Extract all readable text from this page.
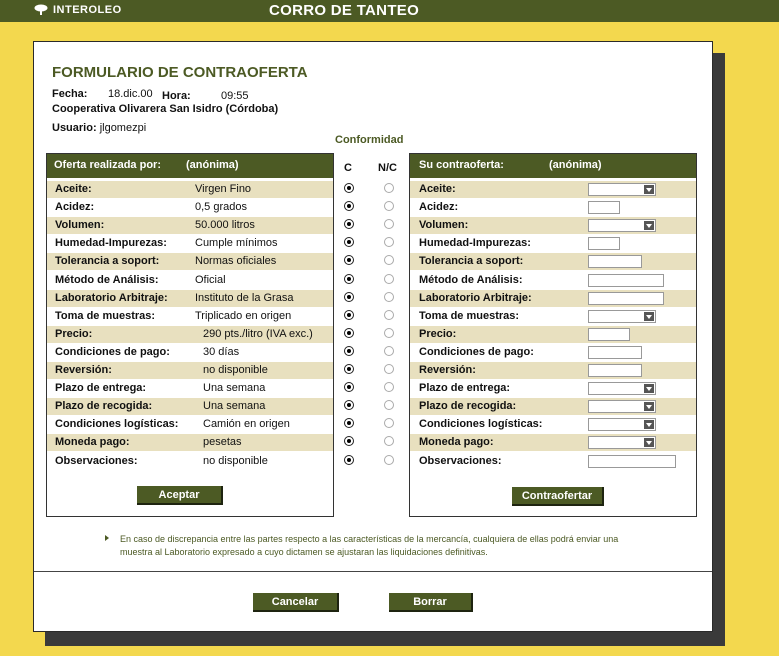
INTEROLEO	CORRO DE TANTEO
FORMULARIO DE CONTRAOFERTA
Fecha: 18.dic.00 Hora:	09:55
Cooperativa Olivarera San Isidro (Córdoba)
Usuario: jlgomezpi
Conformidad
C N/C
Oferta realizada por: (anónima)
Aceptar
Aceite:	Virgen Fino
Acidez:	0,5 grados
Volumen:	50.000 litros
Humedad-Impurezas:	Cumple mínimos
Tolerancia a soport:	Normas oficiales
Método de Análisis:	Oficial
Laboratorio Arbitraje: Instituto de la Grasa
Toma de muestras:	Triplicado en origen
Precio:	290 pts./litro (IVA exc.)
Condiciones de pago:	30 días
Reversión:	no disponible
Plazo de entrega:	Una semana
Plazo de recogida:	Una semana
Condiciones logísticas: Camión en origen
Moneda pago:	pesetas
Observaciones:	no disponible
Su contraoferta:	(anónima)
Contraofertar
Aceite:
Acidez:
Volumen:
Humedad-Impurezas:
Tolerancia a soport:
Método de Análisis:
Laboratorio Arbitraje:
Toma de muestras:
Precio:
Condiciones de pago:
Reversión:
Plazo de entrega:
Plazo de recogida:
Condiciones logísticas:
Moneda pago:
Observaciones:
En caso de discrepancia entre las partes respecto a las características de la mercancía, cualquiera de ellas podrá enviar una muestra al Laboratorio expresado a cuyo dictamen se ajustaran las liquidaciones definitivas.
Cancelar	Borrar
